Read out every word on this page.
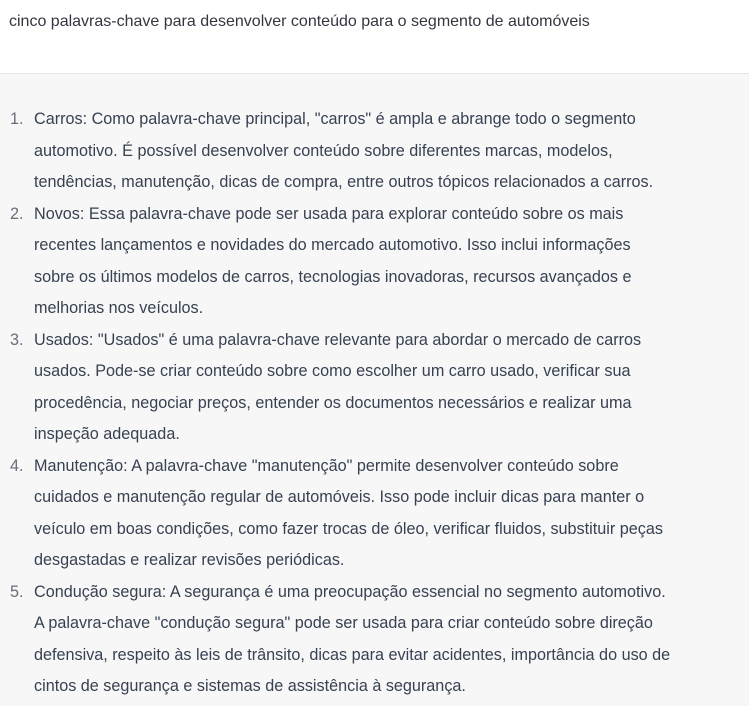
cinco palavras-chave para desenvolver conteúdo para o segmento de automóveis
1. Carros: Como palavra-chave principal, "carros" é ampla e abrange todo o segmento
automotivo. É possível desenvolver conteúdo sobre diferentes marcas, modelos,
tendências, manutenção, dicas de compra, entre outros tópicos relacionados a carros.
2. Novos: Essa palavra-chave pode ser usada para explorar conteúdo sobre os mais
recentes lançamentos e novidades do mercado automotivo. Isso inclui informações
sobre os últimos modelos de carros, tecnologias inovadoras, recursos avançados e
melhorias nos veículos.
3. Usados: "Usados" é uma palavra-chave relevante para abordar o mercado de carros
usados. Pode-se criar conteúdo sobre como escolher um carro usado, verificar sua
procedência, negociar preços, entender os documentos necessários e realizar uma
inspeção adequada.
4. Manutenção: A palavra-chave "manutenção" permite desenvolver conteúdo sobre
cuidados e manutenção regular de automóveis. Isso pode incluir dicas para manter o
veículo em boas condições, como fazer trocas de óleo, verificar fluidos, substituir peças
desgastadas e realizar revisões periódicas.
5. Condução segura: A segurança é uma preocupação essencial no segmento automotivo.
A palavra-chave "condução segura" pode ser usada para criar conteúdo sobre direção
defensiva, respeito às leis de trânsito, dicas para evitar acidentes, importância do uso de
cintos de segurança e sistemas de assistência à segurança.
